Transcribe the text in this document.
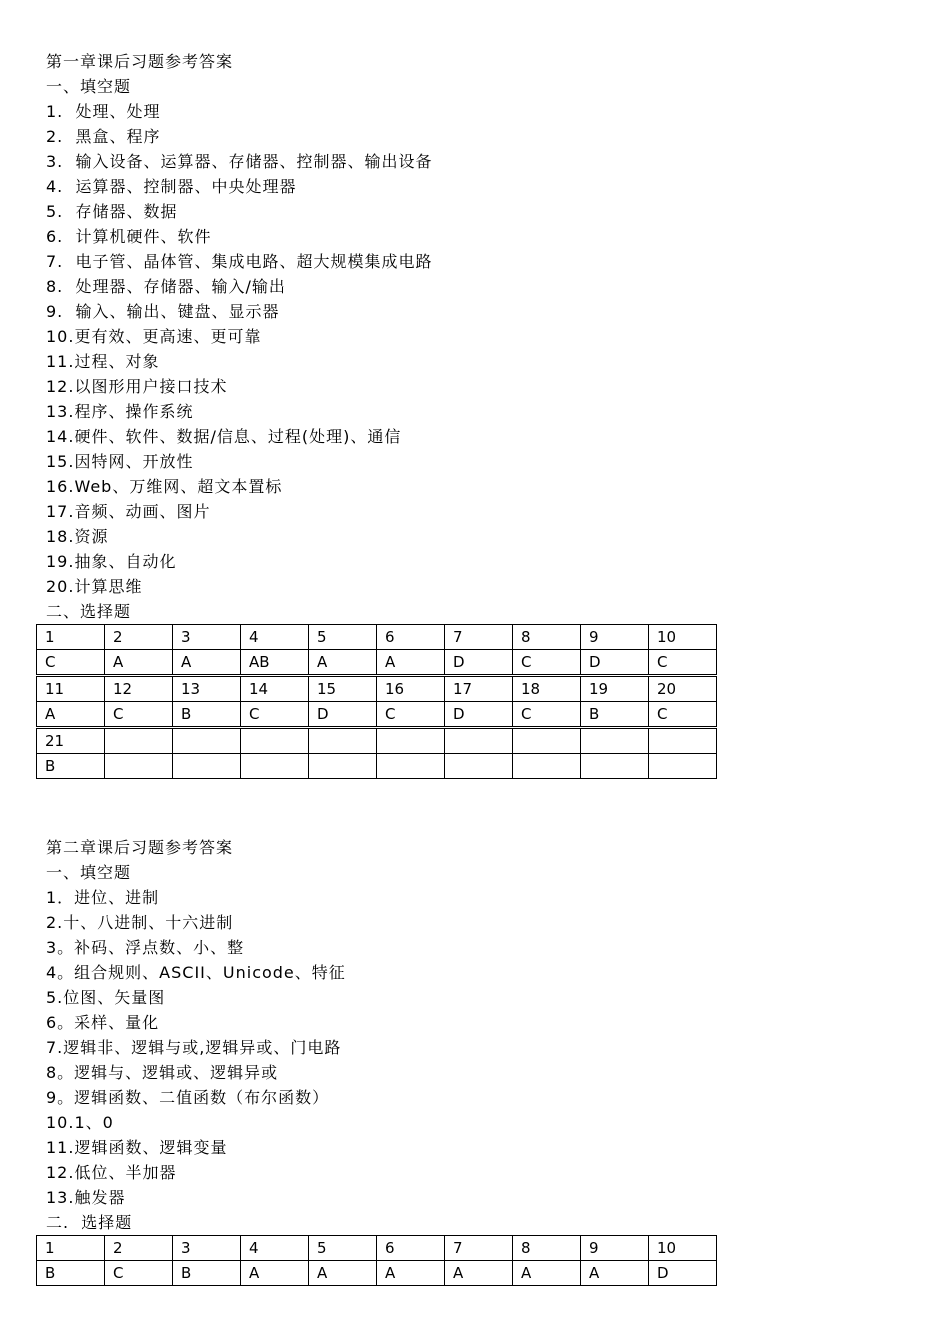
第一章课后习题参考答案
一、填空题
1.  处理、处理
2.  黑盒、程序
3.  输入设备、运算器、存储器、控制器、输出设备
4.  运算器、控制器、中央处理器
5.  存储器、数据
6.  计算机硬件、软件
7.  电子管、晶体管、集成电路、超大规模集成电路
8.  处理器、存储器、输入/输出
9.  输入、输出、键盘、显示器
10.更有效、更高速、更可靠
11.过程、对象
12.以图形用户接口技术
13.程序、操作系统
14.硬件、软件、数据/信息、过程(处理)、通信
15.因特网、开放性
16.Web、万维网、超文本置标
17.音频、动画、图片
18.资源
19.抽象、自动化
20.计算思维
二、选择题
1	2	3	4	5	6	7	8	9	10
C	A	A	AB	A	A	D	C	D	C
11	12	13	14	15	16	17	18	19	20
A	C	B	C	D	C	D	C	B	C
21									
B									
第二章课后习题参考答案
一、填空题
1．进位、进制
2.十、八进制、十六进制
3。补码、浮点数、小、整
4。组合规则、ASCII、Unicode、特征
5.位图、矢量图
6。采样、量化
7.逻辑非、逻辑与或,逻辑异或、门电路
8。逻辑与、逻辑或、逻辑异或
9。逻辑函数、二值函数（布尔函数）
10.1、0
11.逻辑函数、逻辑变量
12.低位、半加器
13.触发器
二.  选择题
1	2	3	4	5	6	7	8	9	10
B	C	B	A	A	A	A	A	A	D
